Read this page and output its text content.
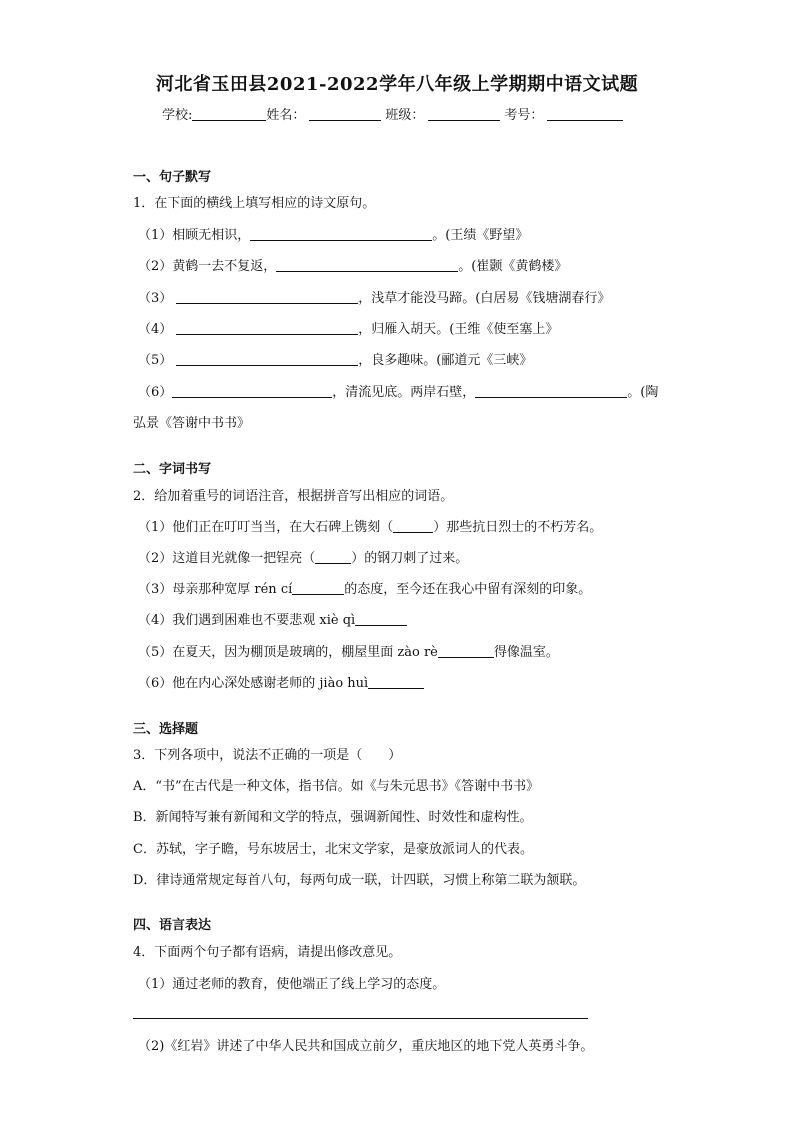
河北省玉田县2021-2022学年八年级上学期期中语文试题
学校:	姓名：	班级：	考号：
一、句子默写
1．在下面的横线上填写相应的诗文原句。
（1）相顾无相识，	。(王绩《野望》
（2）黄鹤一去不复返，	。(崔颢《黄鹤楼》
（3）	，浅草才能没马蹄。(白居易《钱塘湖春行》
（4）	，归雁入胡天。(王维《使至塞上》
（5）	，良多趣味。(郦道元《三峡》
（6）	，清流见底。两岸石壁，	。(陶
弘景《答谢中书书》
二、字词书写
2．给加着重号的词语注音，根据拼音写出相应的词语。
（1）他们正在叮叮当当，在大石碑上镌刻（	）那些抗日烈士的不朽芳名。
（2）这道目光就像一把锃亮（	）的钢刀刺了过来。
（3）母亲那种宽厚 rén cí	的态度，至今还在我心中留有深刻的印象。
（4）我们遇到困难也不要悲观 xiè qì
（5）在夏天，因为棚顶是玻璃的，棚屋里面 zào rè	得像温室。
（6）他在内心深处感谢老师的 jiào huì
三、选择题
3．下列各项中，说法不正确的一项是（　　）
A．“书”在古代是一种文体，指书信。如《与朱元思书》《答谢中书书》
B．新闻特写兼有新闻和文学的特点，强调新闻性、时效性和虚构性。
C．苏轼，字子瞻，号东坡居士，北宋文学家，是豪放派词人的代表。
D．律诗通常规定每首八句，每两句成一联，计四联，习惯上称第二联为颔联。
四、语言表达
4．下面两个句子都有语病，请提出修改意见。
（1）通过老师的教育，使他端正了线上学习的态度。
（2)《红岩》讲述了中华人民共和国成立前夕，重庆地区的地下党人英勇斗争。
